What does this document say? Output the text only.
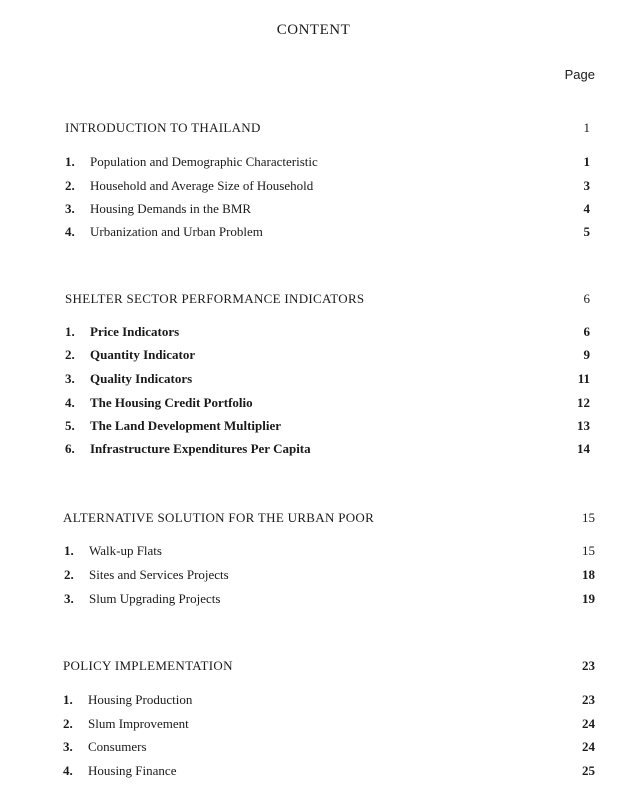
CONTENT
Page
INTRODUCTION TO THAILAND	1
1. Population and Demographic Characteristic	1
2. Household and Average Size of Household	3
3. Housing Demands in the BMR	4
4. Urbanization and Urban Problem	5
SHELTER SECTOR PERFORMANCE INDICATORS	6
1. Price Indicators	6
2. Quantity Indicator	9
3. Quality Indicators	11
4. The Housing Credit Portfolio	12
5. The Land Development Multiplier	13
6. Infrastructure Expenditures Per Capita	14
ALTERNATIVE SOLUTION FOR THE URBAN POOR	15
1. Walk-up Flats	15
2. Sites and Services Projects	18
3. Slum Upgrading Projects	19
POLICY IMPLEMENTATION	23
1. Housing Production	23
2. Slum Improvement	24
3. Consumers	24
4. Housing Finance	25
